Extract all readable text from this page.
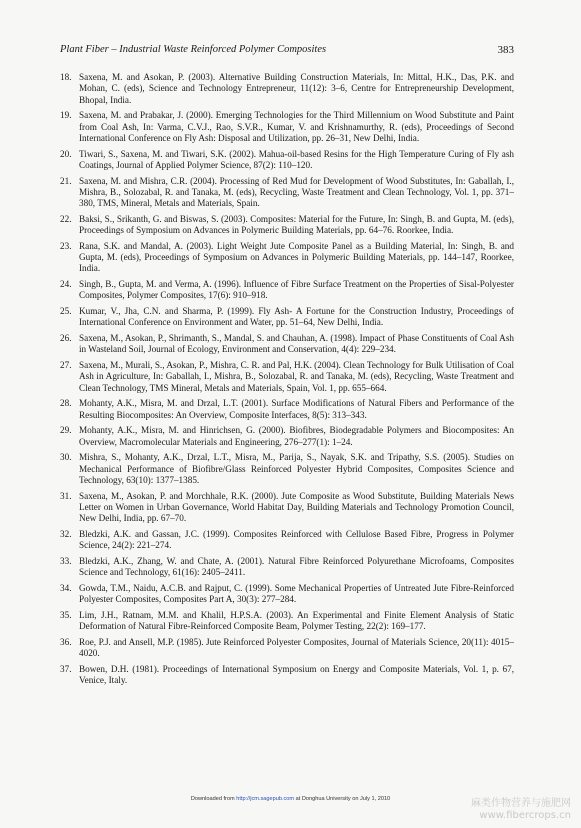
Plant Fiber – Industrial Waste Reinforced Polymer Composites	383
18. Saxena, M. and Asokan, P. (2003). Alternative Building Construction Materials, In: Mittal, H.K., Das, P.K. and Mohan, C. (eds), Science and Technology Entrepreneur, 11(12): 3–6, Centre for Entrepreneurship Development, Bhopal, India.
19. Saxena, M. and Prabakar, J. (2000). Emerging Technologies for the Third Millennium on Wood Substitute and Paint from Coal Ash, In: Varma, C.V.J., Rao, S.V.R., Kumar, V. and Krishnamurthy, R. (eds), Proceedings of Second International Conference on Fly Ash: Disposal and Utilization, pp. 26–31, New Delhi, India.
20. Tiwari, S., Saxena, M. and Tiwari, S.K. (2002). Mahua-oil-based Resins for the High Temperature Curing of Fly ash Coatings, Journal of Applied Polymer Science, 87(2): 110–120.
21. Saxena, M. and Mishra, C.R. (2004). Processing of Red Mud for Development of Wood Substitutes, In: Gaballah, I., Mishra, B., Solozabal, R. and Tanaka, M. (eds), Recycling, Waste Treatment and Clean Technology, Vol. 1, pp. 371–380, TMS, Mineral, Metals and Materials, Spain.
22. Baksi, S., Srikanth, G. and Biswas, S. (2003). Composites: Material for the Future, In: Singh, B. and Gupta, M. (eds), Proceedings of Symposium on Advances in Polymeric Building Materials, pp. 64–76. Roorkee, India.
23. Rana, S.K. and Mandal, A. (2003). Light Weight Jute Composite Panel as a Building Material, In: Singh, B. and Gupta, M. (eds), Proceedings of Symposium on Advances in Polymeric Building Materials, pp. 144–147, Roorkee, India.
24. Singh, B., Gupta, M. and Verma, A. (1996). Influence of Fibre Surface Treatment on the Properties of Sisal-Polyester Composites, Polymer Composites, 17(6): 910–918.
25. Kumar, V., Jha, C.N. and Sharma, P. (1999). Fly Ash- A Fortune for the Construction Industry, Proceedings of International Conference on Environment and Water, pp. 51–64, New Delhi, India.
26. Saxena, M., Asokan, P., Shrimanth, S., Mandal, S. and Chauhan, A. (1998). Impact of Phase Constituents of Coal Ash in Wasteland Soil, Journal of Ecology, Environment and Conservation, 4(4): 229–234.
27. Saxena, M., Murali, S., Asokan, P., Mishra, C. R. and Pal, H.K. (2004). Clean Technology for Bulk Utilisation of Coal Ash in Agriculture, In: Gaballah, I., Mishra, B., Solozabal, R. and Tanaka, M. (eds), Recycling, Waste Treatment and Clean Technology, TMS Mineral, Metals and Materials, Spain, Vol. 1, pp. 655–664.
28. Mohanty, A.K., Misra, M. and Drzal, L.T. (2001). Surface Modifications of Natural Fibers and Performance of the Resulting Biocomposites: An Overview, Composite Interfaces, 8(5): 313–343.
29. Mohanty, A.K., Misra, M. and Hinrichsen, G. (2000). Biofibres, Biodegradable Polymers and Biocomposites: An Overview, Macromolecular Materials and Engineering, 276–277(1): 1–24.
30. Mishra, S., Mohanty, A.K., Drzal, L.T., Misra, M., Parija, S., Nayak, S.K. and Tripathy, S.S. (2005). Studies on Mechanical Performance of Biofibre/Glass Reinforced Polyester Hybrid Composites, Composites Science and Technology, 63(10): 1377–1385.
31. Saxena, M., Asokan, P. and Morchhale, R.K. (2000). Jute Composite as Wood Substitute, Building Materials News Letter on Women in Urban Governance, World Habitat Day, Building Materials and Technology Promotion Council, New Delhi, India, pp. 67–70.
32. Bledzki, A.K. and Gassan, J.C. (1999). Composites Reinforced with Cellulose Based Fibre, Progress in Polymer Science, 24(2): 221–274.
33. Bledzki, A.K., Zhang, W. and Chate, A. (2001). Natural Fibre Reinforced Polyurethane Microfoams, Composites Science and Technology, 61(16): 2405–2411.
34. Gowda, T.M., Naidu, A.C.B. and Rajput, C. (1999). Some Mechanical Properties of Untreated Jute Fibre-Reinforced Polyester Composites, Composites Part A, 30(3): 277–284.
35. Lim, J.H., Ratnam, M.M. and Khalil, H.P.S.A. (2003). An Experimental and Finite Element Analysis of Static Deformation of Natural Fibre-Reinforced Composite Beam, Polymer Testing, 22(2): 169–177.
36. Roe, P.J. and Ansell, M.P. (1985). Jute Reinforced Polyester Composites, Journal of Materials Science, 20(11): 4015–4020.
37. Bowen, D.H. (1981). Proceedings of International Symposium on Energy and Composite Materials, Vol. 1, p. 67, Venice, Italy.
Downloaded from http://jcm.sagepub.com at Donghua University on July 1, 2010	麻类作物营养与施肥网
www.fibercrops.cn
